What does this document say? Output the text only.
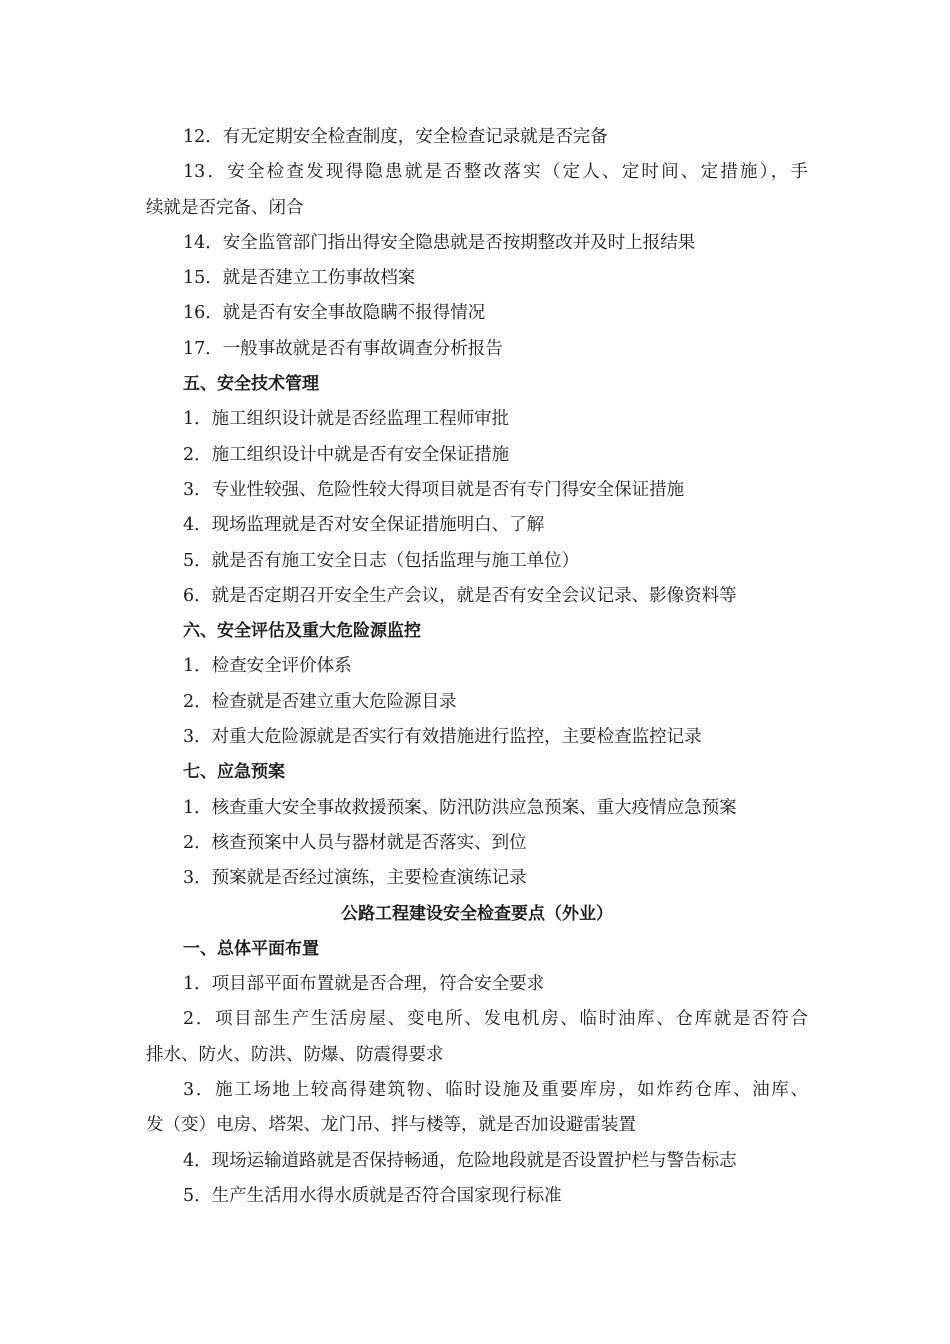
12．有无定期安全检查制度，安全检查记录就是否完备
13．安全检查发现得隐患就是否整改落实（定人、定时间、定措施），手
续就是否完备、闭合
14．安全监管部门指出得安全隐患就是否按期整改并及时上报结果
15．就是否建立工伤事故档案
16．就是否有安全事故隐瞒不报得情况
17．一般事故就是否有事故调查分析报告
五、安全技术管理
1．施工组织设计就是否经监理工程师审批
2．施工组织设计中就是否有安全保证措施
3．专业性较强、危险性较大得项目就是否有专门得安全保证措施
4．现场监理就是否对安全保证措施明白、了解
5．就是否有施工安全日志（包括监理与施工单位）
6．就是否定期召开安全生产会议，就是否有安全会议记录、影像资料等
六、安全评估及重大危险源监控
1．检查安全评价体系
2．检查就是否建立重大危险源目录
3．对重大危险源就是否实行有效措施进行监控，主要检查监控记录
七、应急预案
1．核查重大安全事故救援预案、防汛防洪应急预案、重大疫情应急预案
2．核查预案中人员与器材就是否落实、到位
3．预案就是否经过演练，主要检查演练记录
公路工程建设安全检查要点（外业）
一、总体平面布置
1．项目部平面布置就是否合理，符合安全要求
2．项目部生产生活房屋、变电所、发电机房、临时油库、仓库就是否符合
排水、防火、防洪、防爆、防震得要求
3．施工场地上较高得建筑物、临时设施及重要库房，如炸药仓库、油库、
发（变）电房、塔架、龙门吊、拌与楼等，就是否加设避雷装置
4．现场运输道路就是否保持畅通，危险地段就是否设置护栏与警告标志
5．生产生活用水得水质就是否符合国家现行标准
